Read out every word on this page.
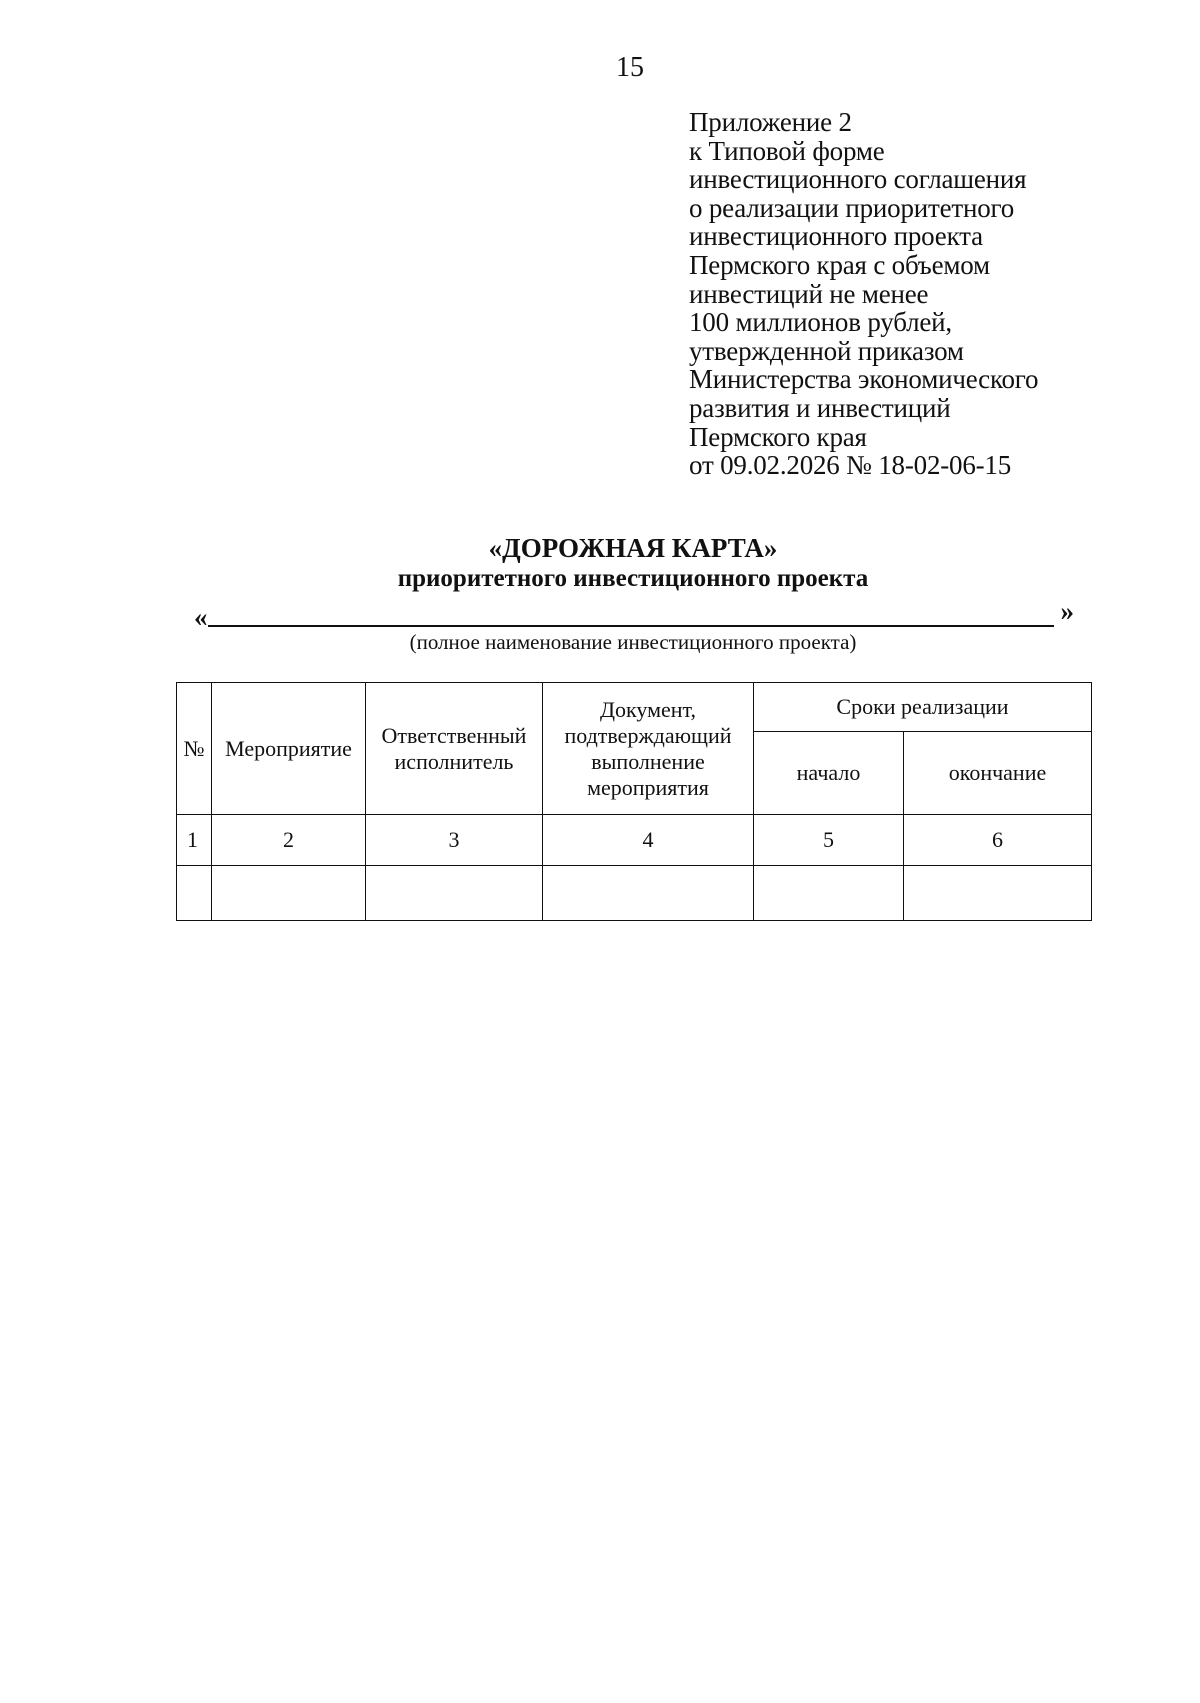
15
Приложение 2
к Типовой форме
инвестиционного соглашения
о реализации приоритетного
инвестиционного проекта
Пермского края с объемом
инвестиций не менее
100 миллионов рублей,
утвержденной приказом
Министерства экономического
развития и инвестиций
Пермского края
от 09.02.2026 № 18-02-06-15
«ДОРОЖНАЯ КАРТА»
приоритетного инвестиционного проекта
«	»
(полное наименование инвестиционного проекта)
№	Мероприятие	Ответственный исполнитель	Документ, подтверждающий выполнение мероприятия	Сроки реализации	
				начало	окончание
1	2	3	4	5	6
